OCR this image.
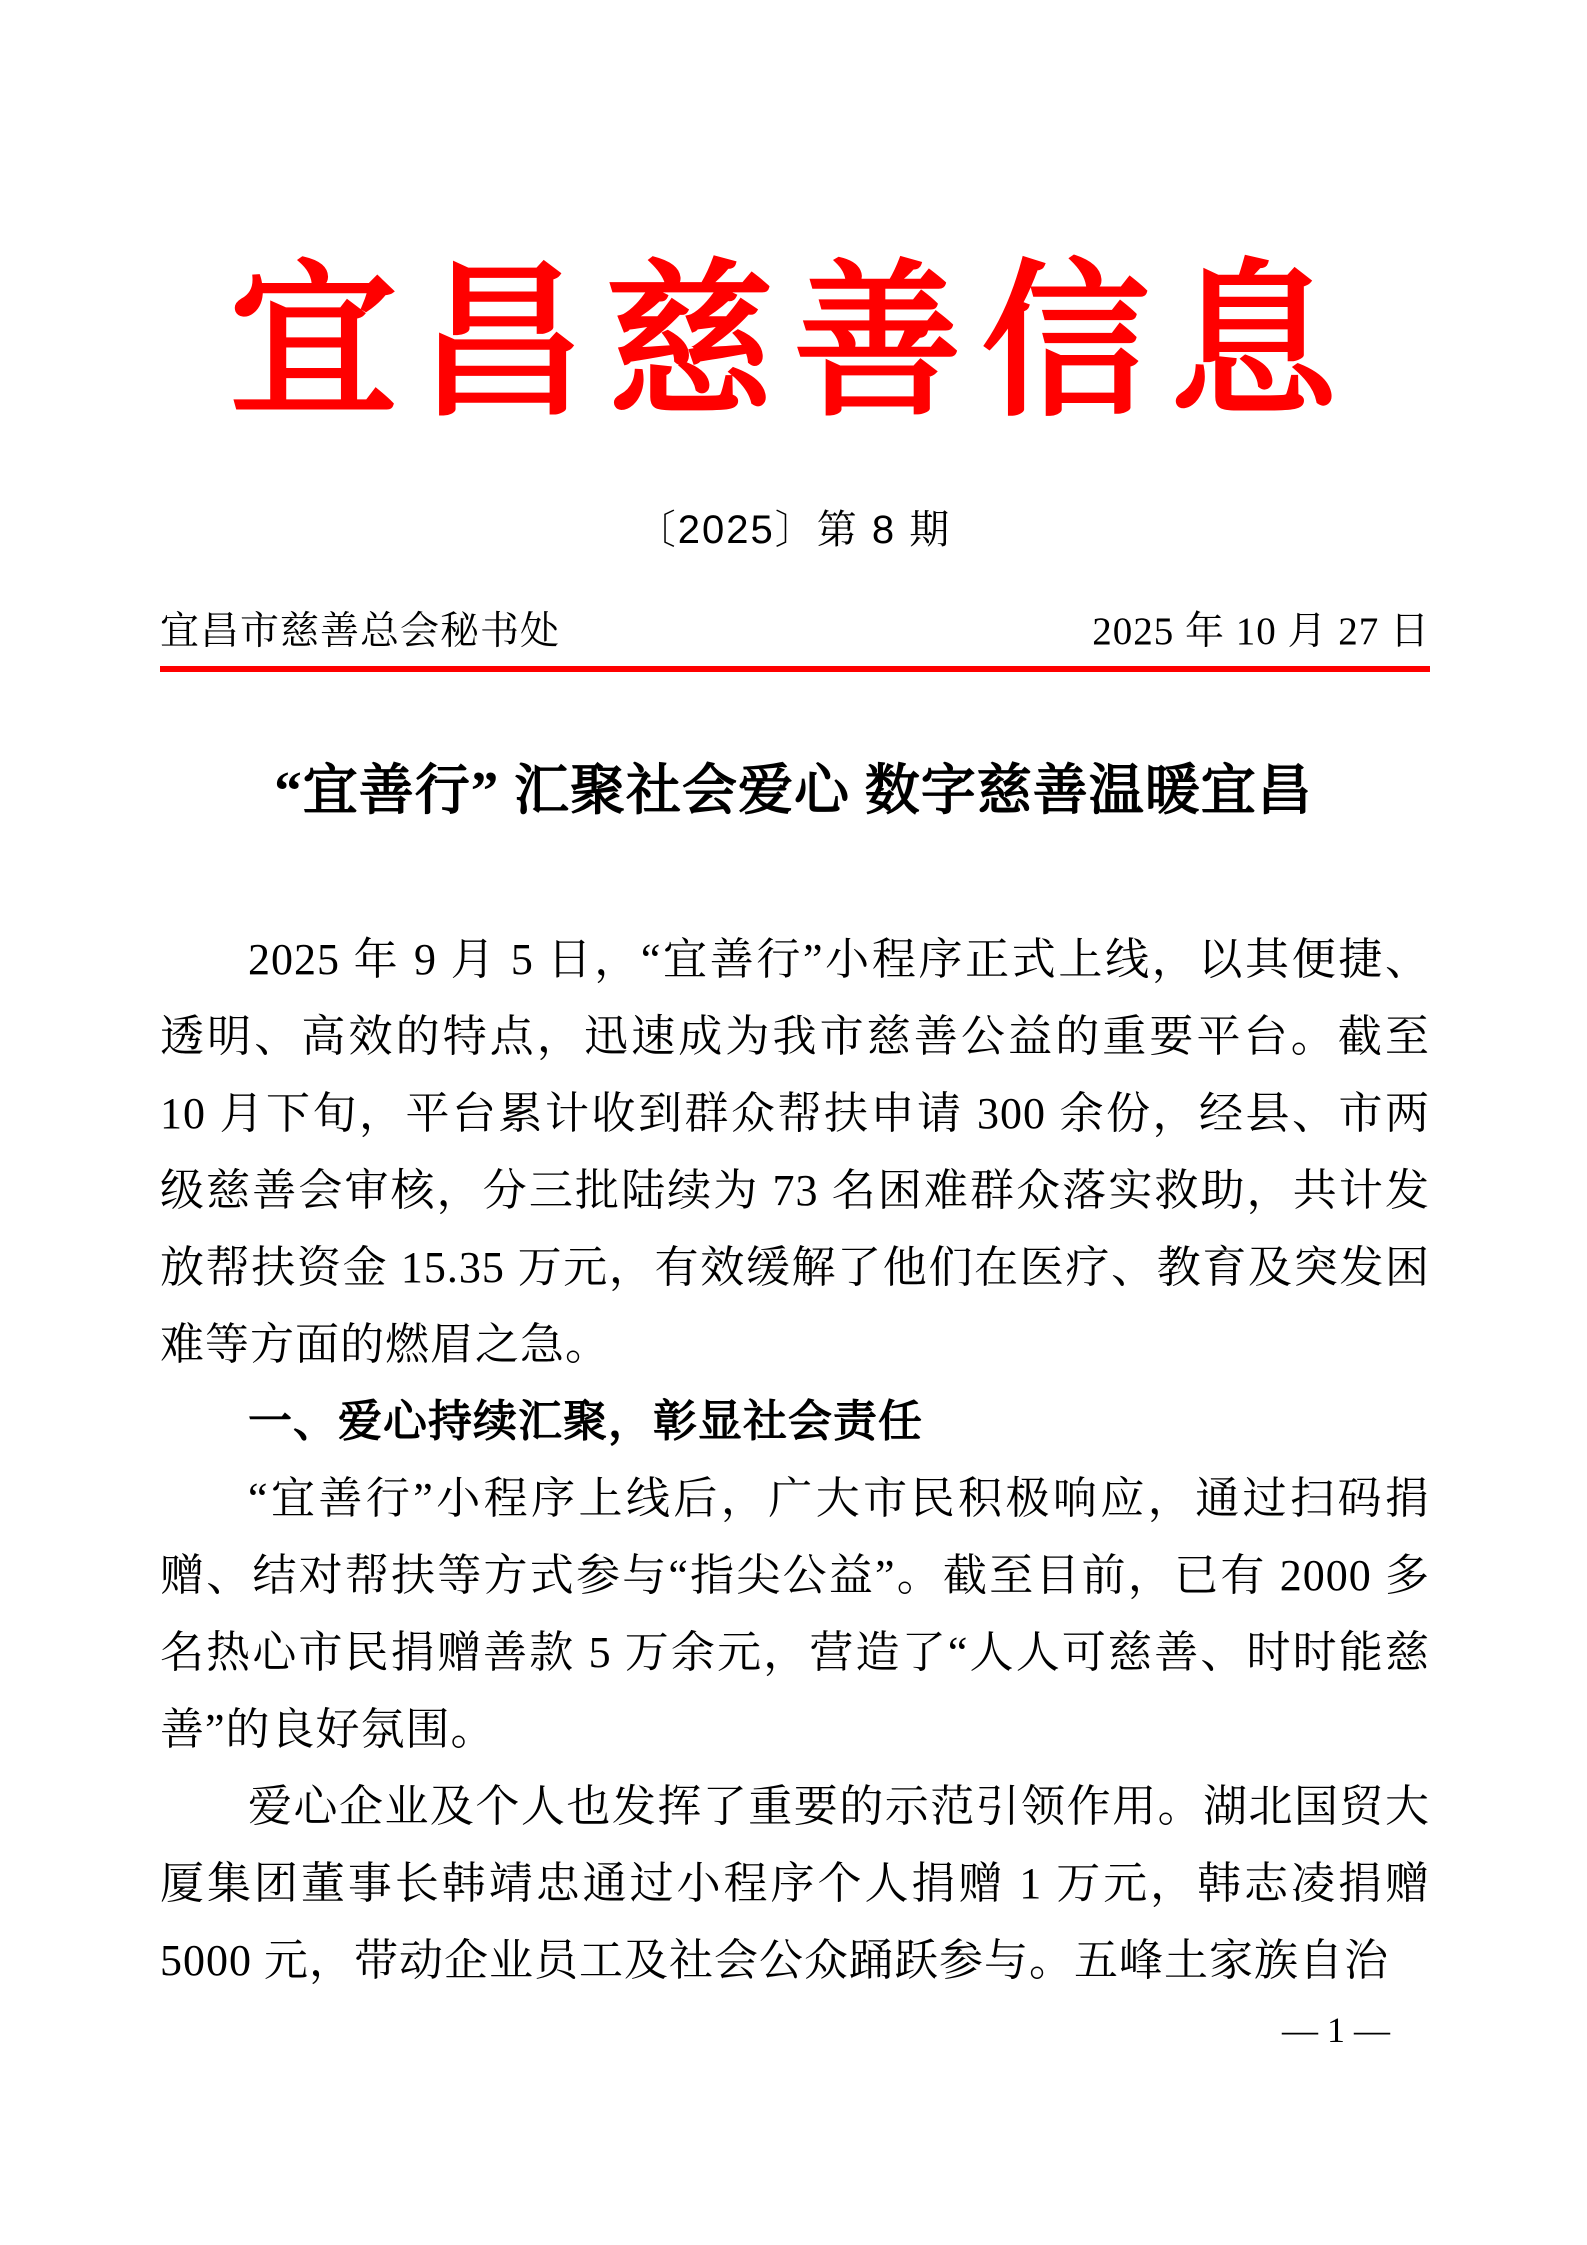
宜昌慈善信息
〔2025〕第 8 期
宜昌市慈善总会秘书处	2025 年 10 月 27 日
“宜善行” 汇聚社会爱心 数字慈善温暖宜昌
2025 年 9 月 5 日，“宜善行”小程序正式上线，以其便捷、透明、高效的特点，迅速成为我市慈善公益的重要平台。截至 10 月下旬，平台累计收到群众帮扶申请 300 余份，经县、市两级慈善会审核，分三批陆续为 73 名困难群众落实救助，共计发放帮扶资金 15.35 万元，有效缓解了他们在医疗、教育及突发困难等方面的燃眉之急。
一、爱心持续汇聚，彰显社会责任
“宜善行”小程序上线后，广大市民积极响应，通过扫码捐赠、结对帮扶等方式参与“指尖公益”。截至目前，已有 2000 多名热心市民捐赠善款 5 万余元，营造了“人人可慈善、时时能慈善”的良好氛围。
爱心企业及个人也发挥了重要的示范引领作用。湖北国贸大厦集团董事长韩靖忠通过小程序个人捐赠 1 万元，韩志凌捐赠 5000 元，带动企业员工及社会公众踊跃参与。五峰土家族自治
— 1 —
